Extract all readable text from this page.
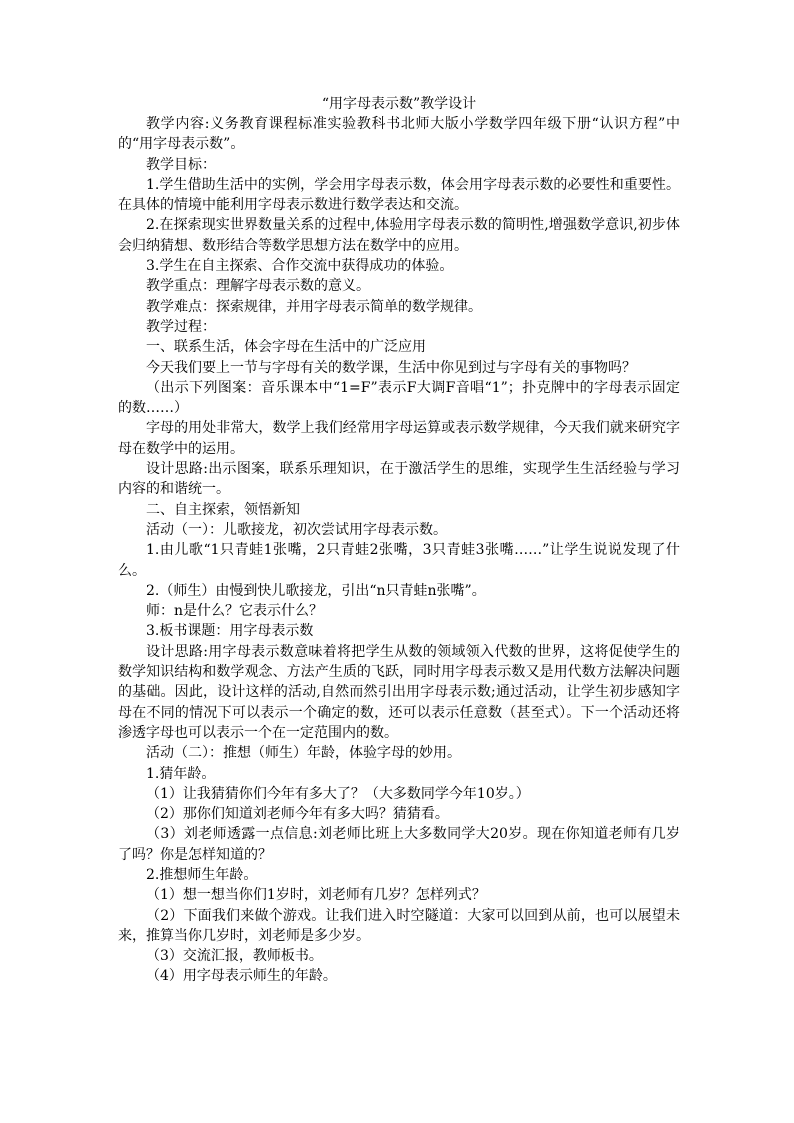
“用字母表示数”教学设计

教学内容:义务教育课程标准实验教科书北师大版小学数学四年级下册“认识方程”中的“用字母表示数”。

教学目标：

1.学生借助生活中的实例，学会用字母表示数，体会用字母表示数的必要性和重要性。在具体的情境中能利用字母表示数进行数学表达和交流。

2.在探索现实世界数量关系的过程中,体验用字母表示数的简明性,增强数学意识,初步体会归纳猜想、数形结合等数学思想方法在数学中的应用。

3.学生在自主探索、合作交流中获得成功的体验。

教学重点：理解字母表示数的意义。

教学难点：探索规律，并用字母表示简单的数学规律。

教学过程：

一、联系生活，体会字母在生活中的广泛应用

今天我们要上一节与字母有关的数学课，生活中你见到过与字母有关的事物吗？

（出示下列图案：音乐课本中“1=F”表示F大调F音唱“1”；扑克牌中的字母表示固定的数……）

字母的用处非常大，数学上我们经常用字母运算或表示数学规律，今天我们就来研究字母在数学中的运用。

设计思路:出示图案，联系乐理知识，在于激活学生的思维，实现学生生活经验与学习内容的和谐统一。

二、自主探索，领悟新知

活动（一）：儿歌接龙，初次尝试用字母表示数。

1.由儿歌“1只青蛙1张嘴，2只青蛙2张嘴，3只青蛙3张嘴……”让学生说说发现了什么。

2.（师生）由慢到快儿歌接龙，引出“n只青蛙n张嘴”。

师：n是什么？它表示什么？

3.板书课题：用字母表示数

设计思路:用字母表示数意味着将把学生从数的领域领入代数的世界，这将促使学生的数学知识结构和数学观念、方法产生质的飞跃，同时用字母表示数又是用代数方法解决问题的基础。因此，设计这样的活动,自然而然引出用字母表示数;通过活动，让学生初步感知字母在不同的情况下可以表示一个确定的数，还可以表示任意数（甚至式）。下一个活动还将渗透字母也可以表示一个在一定范围内的数。

活动（二）：推想（师生）年龄，体验字母的妙用。

1.猜年龄。

（1）让我猜猜你们今年有多大了？（大多数同学今年10岁。）

（2）那你们知道刘老师今年有多大吗？猜猜看。

（3）刘老师透露一点信息:刘老师比班上大多数同学大20岁。现在你知道老师有几岁了吗？你是怎样知道的？

2.推想师生年龄。

（1）想一想当你们1岁时，刘老师有几岁？怎样列式？

（2）下面我们来做个游戏。让我们进入时空隧道：大家可以回到从前，也可以展望未来，推算当你几岁时，刘老师是多少岁。

（3）交流汇报，教师板书。

（4）用字母表示师生的年龄。
